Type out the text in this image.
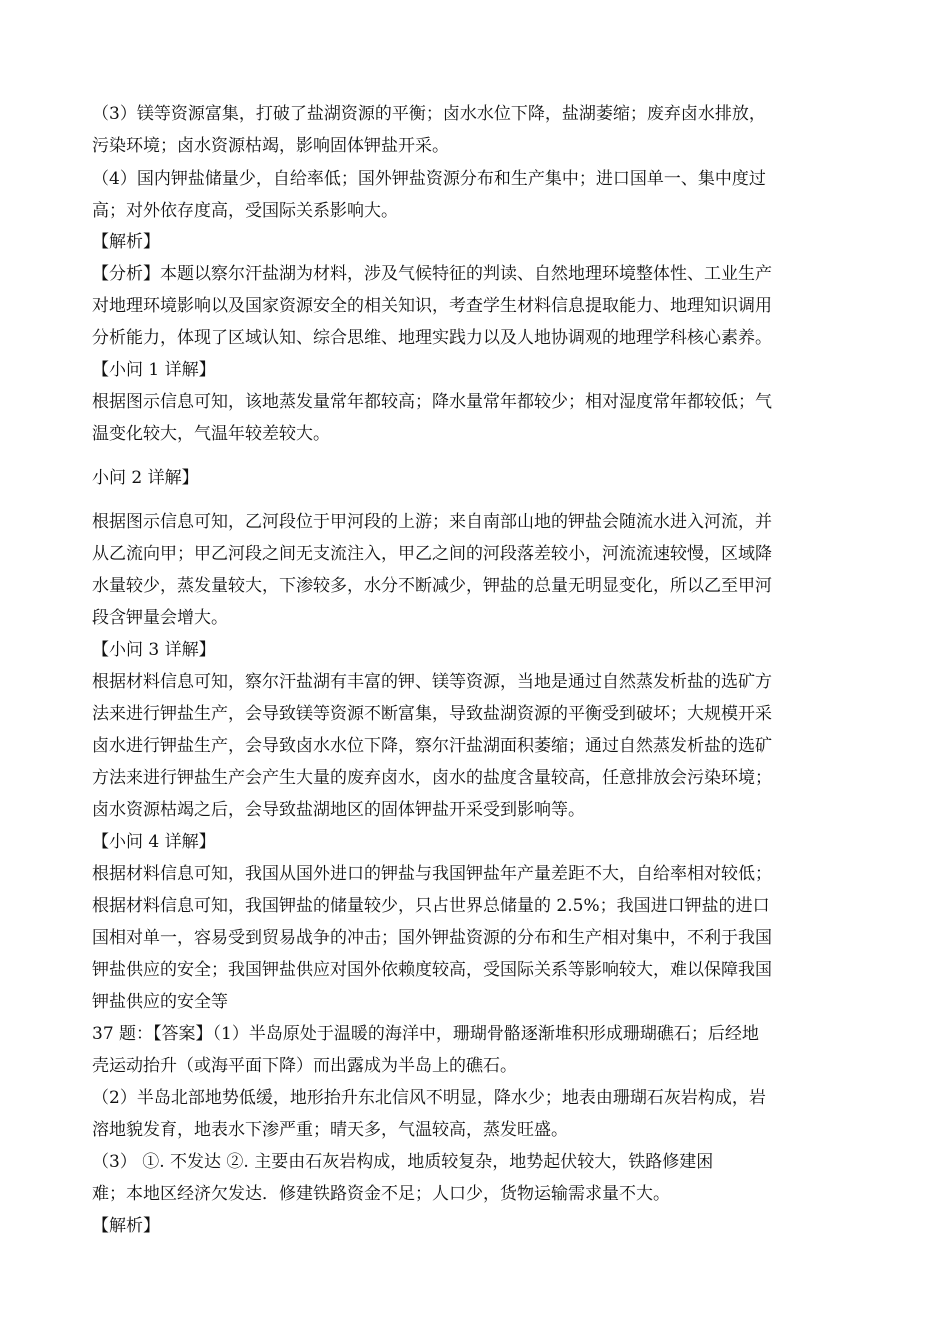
（3）镁等资源富集，打破了盐湖资源的平衡；卤水水位下降，盐湖萎缩；废弃卤水排放，
污染环境；卤水资源枯竭，影响固体钾盐开采。
（4）国内钾盐储量少，自给率低；国外钾盐资源分布和生产集中；进口国单一、集中度过
高；对外依存度高，受国际关系影响大。
【解析】
【分析】本题以察尔汗盐湖为材料，涉及气候特征的判读、自然地理环境整体性、工业生产
对地理环境影响以及国家资源安全的相关知识，考查学生材料信息提取能力、地理知识调用
分析能力，体现了区域认知、综合思维、地理实践力以及人地协调观的地理学科核心素养。
【小问 1 详解】
根据图示信息可知，该地蒸发量常年都较高；降水量常年都较少；相对湿度常年都较低；气
温变化较大，气温年较差较大。
小问 2 详解】
根据图示信息可知，乙河段位于甲河段的上游；来自南部山地的钾盐会随流水进入河流，并
从乙流向甲；甲乙河段之间无支流注入，甲乙之间的河段落差较小，河流流速较慢，区域降
水量较少，蒸发量较大，下渗较多，水分不断减少，钾盐的总量无明显变化，所以乙至甲河
段含钾量会增大。
【小问 3 详解】
根据材料信息可知，察尔汗盐湖有丰富的钾、镁等资源，当地是通过自然蒸发析盐的选矿方
法来进行钾盐生产，会导致镁等资源不断富集，导致盐湖资源的平衡受到破坏；大规模开采
卤水进行钾盐生产，会导致卤水水位下降，察尔汗盐湖面积萎缩；通过自然蒸发析盐的选矿
方法来进行钾盐生产会产生大量的废弃卤水，卤水的盐度含量较高，任意排放会污染环境；
卤水资源枯竭之后，会导致盐湖地区的固体钾盐开采受到影响等。
【小问 4 详解】
根据材料信息可知，我国从国外进口的钾盐与我国钾盐年产量差距不大，自给率相对较低；
根据材料信息可知，我国钾盐的储量较少，只占世界总储量的 2.5%；我国进口钾盐的进口
国相对单一，容易受到贸易战争的冲击；国外钾盐资源的分布和生产相对集中，不利于我国
钾盐供应的安全；我国钾盐供应对国外依赖度较高，受国际关系等影响较大，难以保障我国
钾盐供应的安全等
37 题：【答案】（1）半岛原处于温暖的海洋中，珊瑚骨骼逐渐堆积形成珊瑚礁石；后经地
壳运动抬升（或海平面下降）而出露成为半岛上的礁石。
（2）半岛北部地势低缓，地形抬升东北信风不明显，降水少；地表由珊瑚石灰岩构成，岩
溶地貌发育，地表水下渗严重；晴天多，气温较高，蒸发旺盛。
（3） ①. 不发达 ②. 主要由石灰岩构成，地质较复杂，地势起伏较大，铁路修建困
难；本地区经济欠发达．修建铁路资金不足；人口少，货物运输需求量不大。
【解析】
